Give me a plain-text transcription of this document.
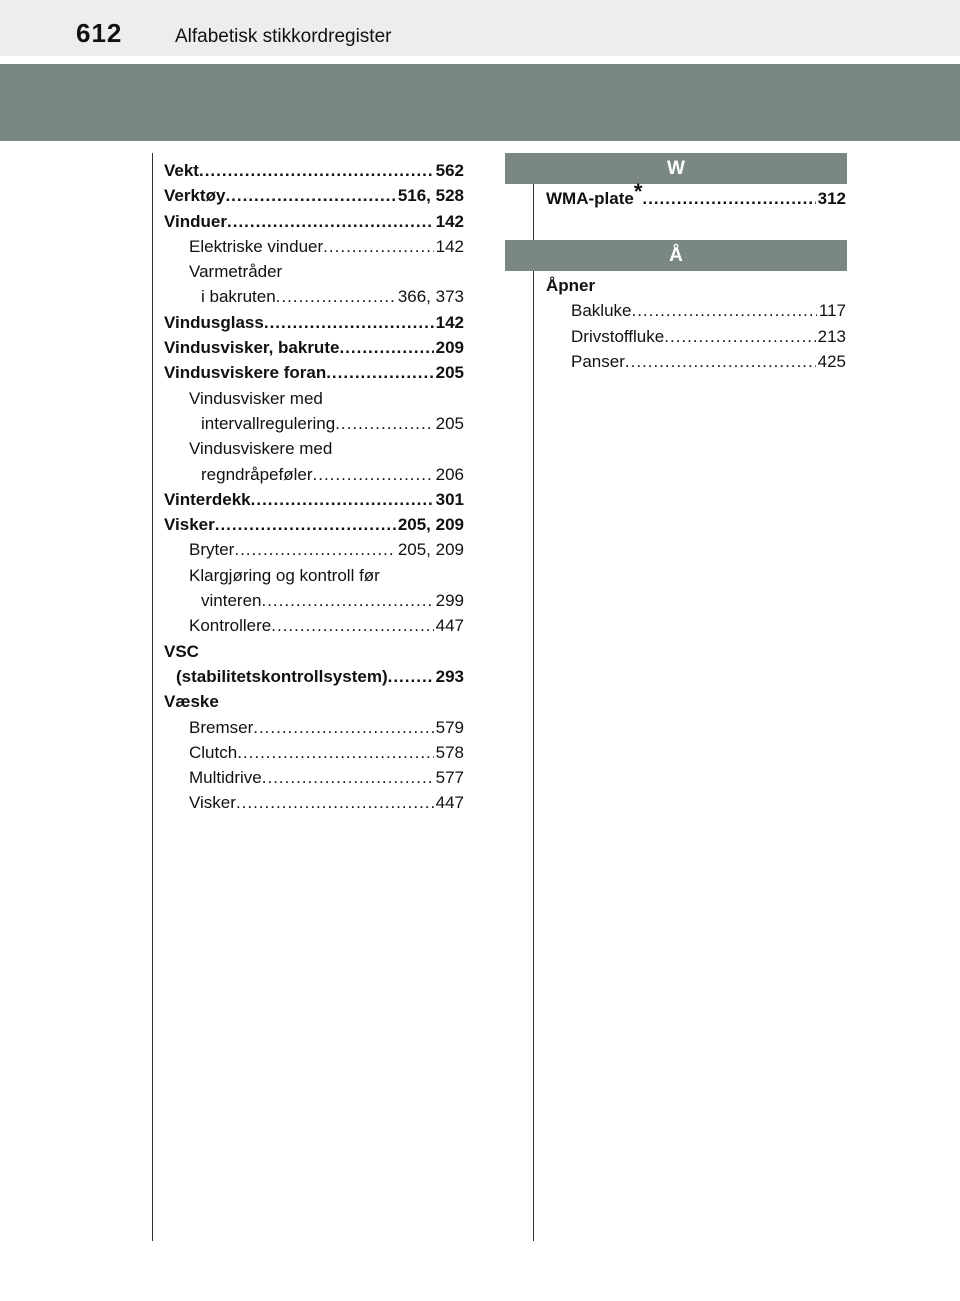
612	Alfabetisk stikkordregister
Vekt .....	562
Verktøy .....	516, 528
Vinduer .....	142
Elektriske vinduer .....	142
Varmetråder
i bakruten .....	366, 373
Vindusglass .....	142
Vindusvisker, bakrute .....	209
Vindusviskere foran .....	205
Vindusvisker med
intervallregulering .....	205
Vindusviskere med
regndråpeføler .....	206
Vinterdekk .....	301
Visker .....	205, 209
Bryter .....	205, 209
Klargjøring og kontroll før
vinteren .....	299
Kontrollere .....	447
VSC
(stabilitetskontrollsystem) .....	293
Væske
Bremser .....	579
Clutch .....	578
Multidrive .....	577
Visker .....	447
W
WMA-plate* .....	312
Å
Åpner
Bakluke .....	117
Drivstoffluke .....	213
Panser .....	425
